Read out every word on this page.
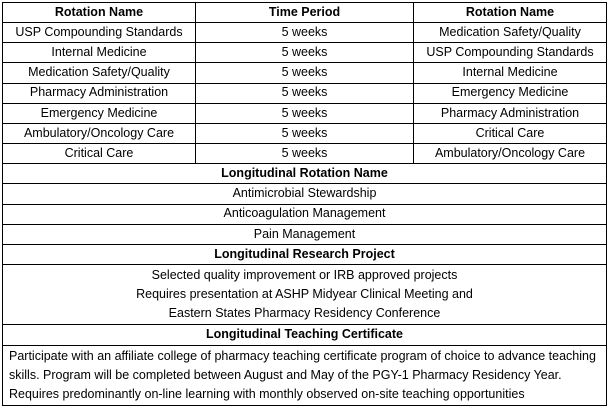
Rotation Name	Time Period	Rotation Name
USP Compounding Standards	5 weeks	Medication Safety/Quality
Internal Medicine	5 weeks	USP Compounding Standards
Medication Safety/Quality	5 weeks	Internal Medicine
Pharmacy Administration	5 weeks	Emergency Medicine
Emergency Medicine	5 weeks	Pharmacy Administration
Ambulatory/Oncology Care	5 weeks	Critical Care
Critical Care	5 weeks	Ambulatory/Oncology Care
Longitudinal Rotation Name		
Antimicrobial Stewardship		
Anticoagulation Management		
Pain Management		
Longitudinal Research Project		

Selected quality improvement or IRB approved projects
Requires presentation at ASHP Midyear Clinical Meeting and
Eastern States Pharmacy Residency Conference		

Longitudinal Teaching Certificate		
Participate with an affiliate college of pharmacy teaching certificate program of choice to advance teaching skills. Program will be completed between August and May of the PGY-1 Pharmacy Residency Year. Requires predominantly on-line learning with monthly observed on-site teaching opportunities		
